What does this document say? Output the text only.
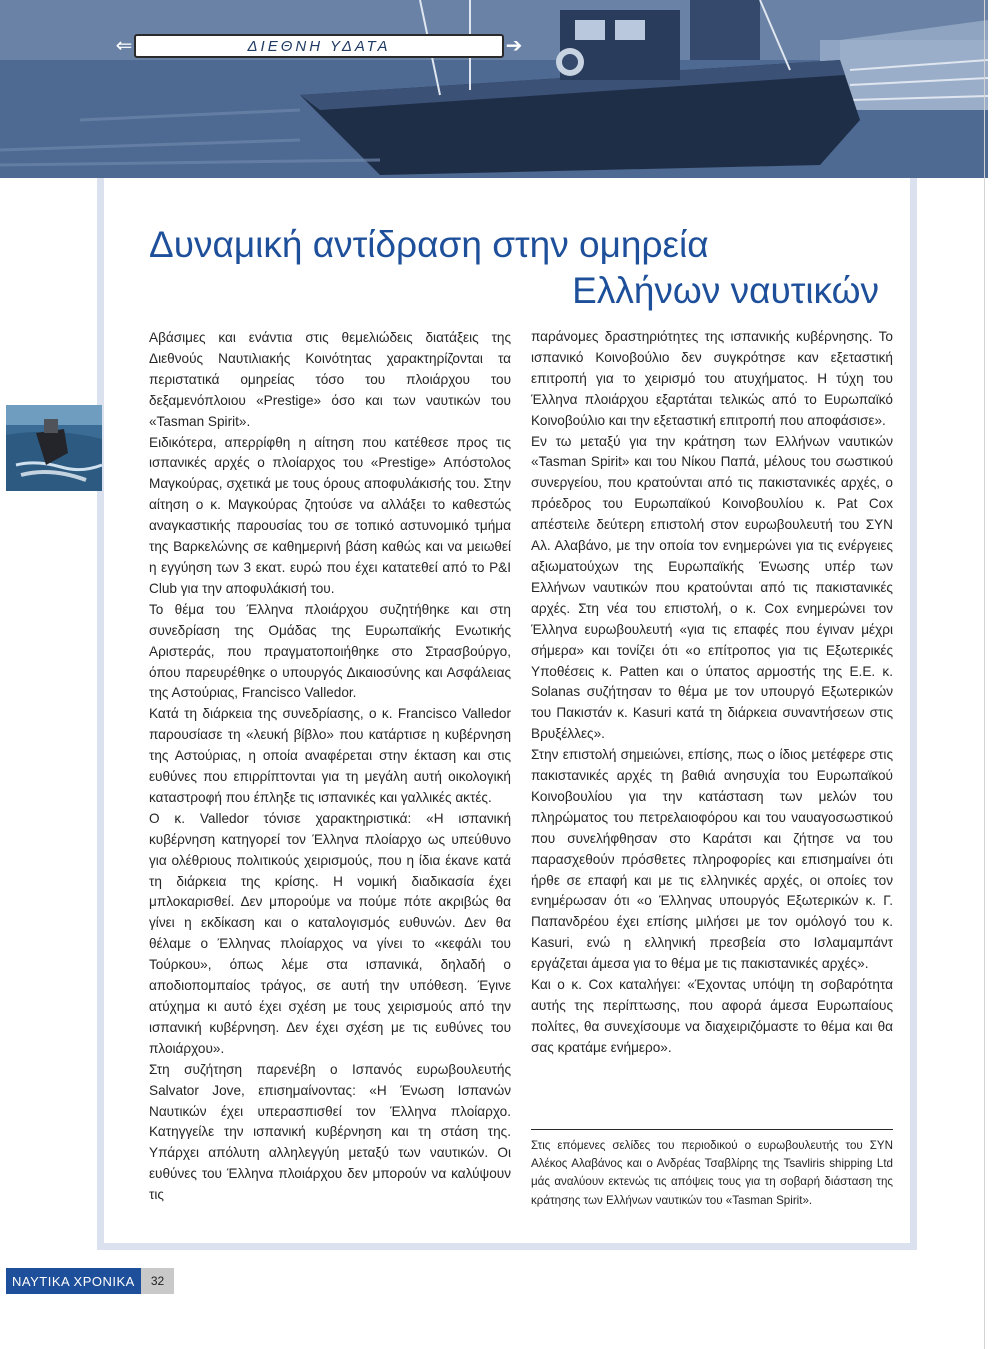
⇐	ΔΙΕΘΝΗ ΥΔΑΤΑ	➔
Δυναμική αντίδραση στην ομηρεία
Ελλήνων ναυτικών

Αβάσιμες και ενάντια στις θεμελιώδεις διατάξεις της Διεθνούς Ναυτιλιακής Κοινότητας χαρακτηρίζονται τα περιστατικά ομηρείας τόσο του πλοιάρχου του δεξαμενόπλοιου «Prestige» όσο και των ναυτικών του «Tasman Spirit».

Ειδικότερα, απερρίφθη η αίτηση που κατέθεσε προς τις ισπανικές αρχές ο πλοίαρχος του «Prestige» Απόστολος Μαγκούρας, σχετικά με τους όρους αποφυλάκισής του. Στην αίτηση ο κ. Μαγκούρας ζητούσε να αλλάξει το καθεστώς αναγκαστικής παρουσίας του σε τοπικό αστυνομικό τμήμα της Βαρκελώνης σε καθημερινή βάση καθώς και να μειωθεί η εγγύηση των 3 εκατ. ευρώ που έχει κατατεθεί από το P&I Club για την αποφυλάκισή του.

Το θέμα του Έλληνα πλοιάρχου συζητήθηκε και στη συνεδρίαση της Ομάδας της Ευρωπαϊκής Ενωτικής Αριστεράς, που πραγματοποιήθηκε στο Στρασβούργο, όπου παρευρέθηκε ο υπουργός Δικαιοσύνης και Ασφάλειας της Αστούριας, Francisco Valledor.

Κατά τη διάρκεια της συνεδρίασης, ο κ. Francisco Valledor παρουσίασε τη «λευκή βίβλο» που κατάρτισε η κυβέρνηση της Αστούριας, η οποία αναφέρεται στην έκταση και στις ευθύνες που επιρρίπτονται για τη μεγάλη αυτή οικολογική καταστροφή που έπληξε τις ισπανικές και γαλλικές ακτές.

Ο κ. Valledor τόνισε χαρακτηριστικά: «Η ισπανική κυβέρνηση κατηγορεί τον Έλληνα πλοίαρχο ως υπεύθυνο για ολέθριους πολιτικούς χειρισμούς, που η ίδια έκανε κατά τη διάρκεια της κρίσης. Η νομική διαδικασία έχει μπλοκαρισθεί. Δεν μπορούμε να πούμε πότε ακριβώς θα γίνει η εκδίκαση και ο καταλογισμός ευθυνών. Δεν θα θέλαμε ο Έλληνας πλοίαρχος να γίνει το «κεφάλι του Τούρκου», όπως λέμε στα ισπανικά, δηλαδή ο αποδιοπομπαίος τράγος, σε αυτή την υπόθεση. Έγινε ατύχημα κι αυτό έχει σχέση με τους χειρισμούς από την ισπανική κυβέρνηση. Δεν έχει σχέση με τις ευθύνες του πλοιάρχου».

Στη συζήτηση παρενέβη ο Ισπανός ευρωβουλευτής Salvator Jove, επισημαίνοντας: «Η Ένωση Ισπανών Ναυτικών έχει υπερασπισθεί τον Έλληνα πλοίαρχο. Κατηγγείλε την ισπανική κυβέρνηση και τη στάση της. Υπάρχει απόλυτη αλληλεγγύη μεταξύ των ναυτικών. Οι ευθύνες του Έλληνα πλοιάρχου δεν μπορούν να καλύψουν τις

παράνομες δραστηριότητες της ισπανικής κυβέρνησης. Το ισπανικό Κοινοβούλιο δεν συγκρότησε καν εξεταστική επιτροπή για το χειρισμό του ατυχήματος. Η τύχη του Έλληνα πλοιάρχου εξαρτάται τελικώς από το Ευρωπαϊκό Κοινοβούλιο και την εξεταστική επιτροπή που αποφάσισε».

Εν τω μεταξύ για την κράτηση των Ελλήνων ναυτικών «Tasman Spirit» και του Νίκου Παπά, μέλους του σωστικού συνεργείου, που κρατούνται από τις πακιστανικές αρχές, ο πρόεδρος του Ευρωπαϊκού Κοινοβουλίου κ. Pat Cox απέστειλε δεύτερη επιστολή στον ευρωβουλευτή του ΣΥΝ Αλ. Αλαβάνο, με την οποία τον ενημερώνει για τις ενέργειες αξιωματούχων της Ευρωπαϊκής Ένωσης υπέρ των Ελλήνων ναυτικών που κρατούνται από τις πακιστανικές αρχές. Στη νέα του επιστολή, ο κ. Cox ενημερώνει τον Έλληνα ευρωβουλευτή «για τις επαφές που έγιναν μέχρι σήμερα» και τονίζει ότι «ο επίτροπος για τις Εξωτερικές Υποθέσεις κ. Patten και ο ύπατος αρμοστής της Ε.Ε. κ. Solanas συζήτησαν το θέμα με τον υπουργό Εξωτερικών του Πακιστάν κ. Kasuri κατά τη διάρκεια συναντήσεων στις Βρυξέλλες».

Στην επιστολή σημειώνει, επίσης, πως ο ίδιος μετέφερε στις πακιστανικές αρχές τη βαθιά ανησυχία του Ευρωπαϊκού Κοινοβουλίου για την κατάσταση των μελών του πληρώματος του πετρελαιοφόρου και του ναυαγοσωστικού που συνελήφθησαν στο Καράτσι και ζήτησε να του παρασχεθούν πρόσθετες πληροφορίες και επισημαίνει ότι ήρθε σε επαφή και με τις ελληνικές αρχές, οι οποίες τον ενημέρωσαν ότι «ο Έλληνας υπουργός Εξωτερικών κ. Γ. Παπανδρέου έχει επίσης μιλήσει με τον ομόλογό του κ. Kasuri, ενώ η ελληνική πρεσβεία στο Ισλαμαμπάντ εργάζεται άμεσα για το θέμα με τις πακιστανικές αρχές».

Και ο κ. Cox καταλήγει: «Έχοντας υπόψη τη σοβαρότητα αυτής της περίπτωσης, που αφορά άμεσα Ευρωπαίους πολίτες, θα συνεχίσουμε να διαχειριζόμαστε το θέμα και θα σας κρατάμε ενήμερο».

Στις επόμενες σελίδες του περιοδικού ο ευρωβουλευτής του ΣΥΝ Αλέκος Αλαβάνος και ο Ανδρέας Τσαβλίρης της Tsavliris shipping Ltd μάς αναλύουν εκτενώς τις απόψεις τους για τη σοβαρή διάσταση της κράτησης των Ελλήνων ναυτικών του «Tasman Spirit».
ΝΑΥΤΙΚΑ ΧΡΟΝΙΚΑ	32
